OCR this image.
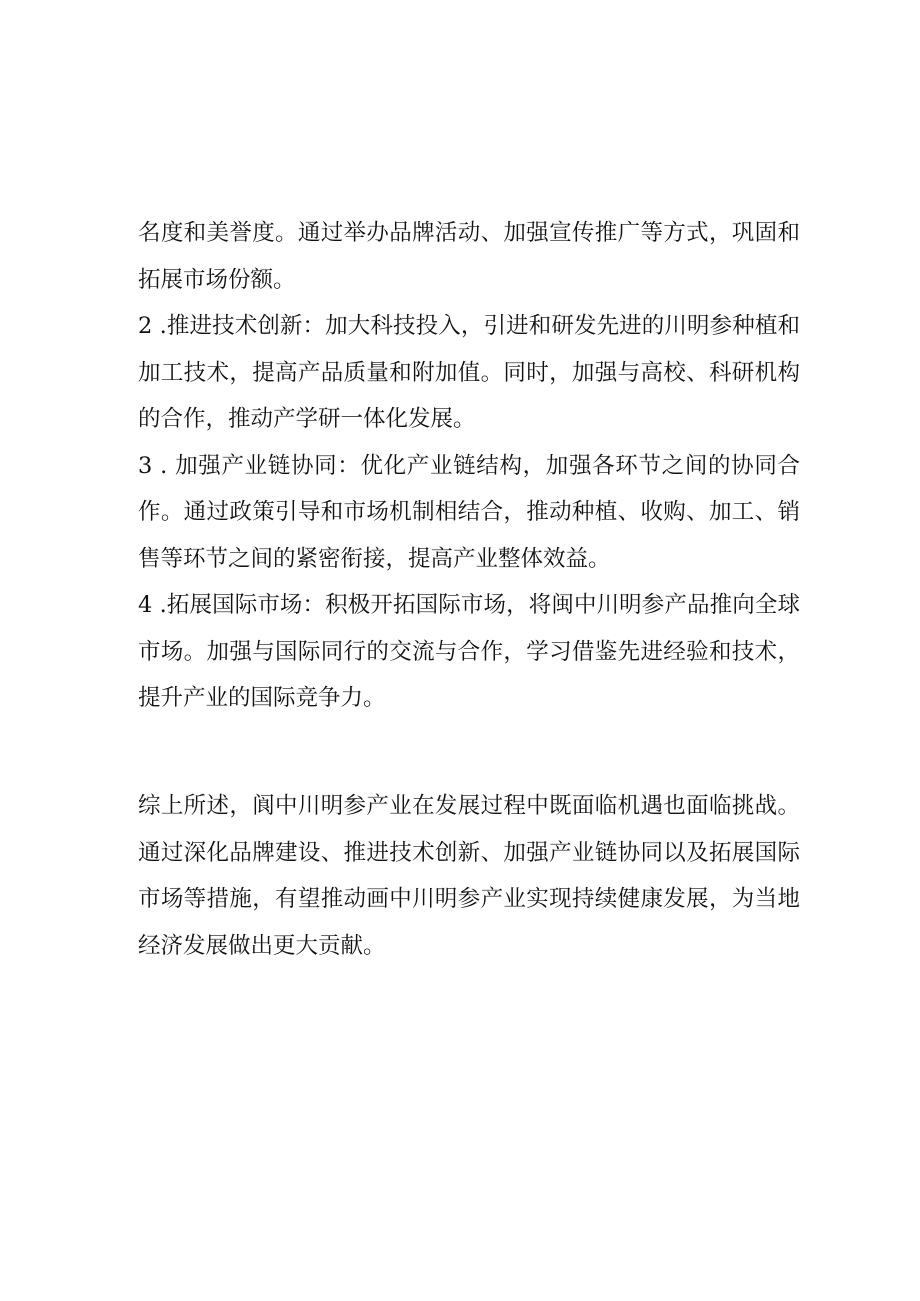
名度和美誉度。通过举办品牌活动、加强宣传推广等方式，巩固和拓展市场份额。

2 .推进技术创新：加大科技投入，引进和研发先进的川明参种植和加工技术，提高产品质量和附加值。同时，加强与高校、科研机构的合作，推动产学研一体化发展。

3 . 加强产业链协同：优化产业链结构，加强各环节之间的协同合作。通过政策引导和市场机制相结合，推动种植、收购、加工、销售等环节之间的紧密衔接，提高产业整体效益。

4 .拓展国际市场：积极开拓国际市场，将闽中川明参产品推向全球市场。加强与国际同行的交流与合作，学习借鉴先进经验和技术，提升产业的国际竞争力。

综上所述，阆中川明参产业在发展过程中既面临机遇也面临挑战。通过深化品牌建设、推进技术创新、加强产业链协同以及拓展国际市场等措施，有望推动画中川明参产业实现持续健康发展，为当地经济发展做出更大贡献。
